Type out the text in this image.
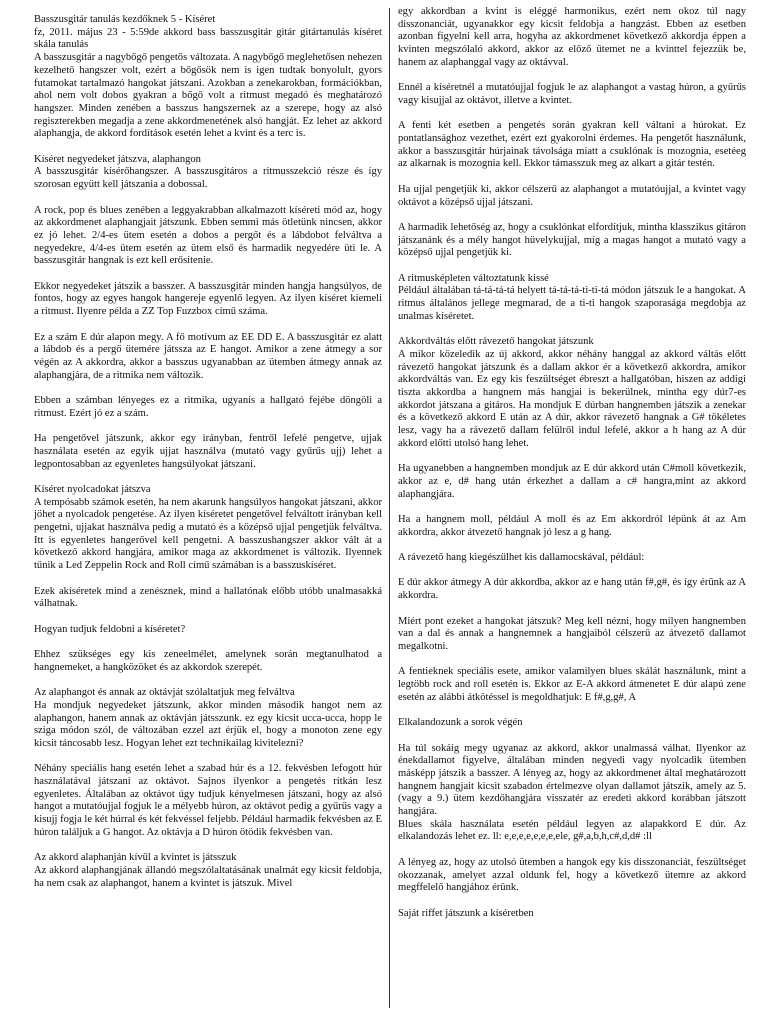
Basszusgitár tanulás kezdőknek 5 - Kíséret
fz, 2011. május 23 - 5:59de akkord bass basszusgitár gitár gitártanulás kíséret skála tanulás
A basszusgitár a nagybőgő pengetős változata. A nagybőgő meglehetősen nehezen kezelhető hangszer volt, ezért a bőgősök nem is igen tudtak bonyolult, gyors futamokat tartalmazó hangokat játszani. Azokban a zenekarokban, formációkban, ahol nem volt dobos gyakran a bőgő volt a ritmust megadó és meghatározó hangszer. Minden zenében a basszus hangszernek az a szerepe, hogy az alsó regiszterekben megadja a zene akkordmenetének alsó hangját. Ez lehet az akkord alaphangja, de akkord fordítások esetén lehet a kvint és a terc is.

Kíséret negyedeket játszva, alaphangon

A basszusgitár kísérőhangszer. A basszusgitáros a ritmusszekció része és így szorosan együtt kell játszania a dobossal.

A rock, pop és blues zenében a leggyakrabban alkalmazott kíséreti mód az, hogy az akkordmenet alaphangjait játszunk. Ebben semmi más ötletünk nincsen, akkor ez jó lehet. 2/4-es ütem esetén a dobos a pergőt és a lábdobot felváltva a negyedekre, 4/4-es ütem esetén az ütem első és harmadik negyedére üti le. A basszusgitár hangnak is ezt kell erősítenie.

Ekkor negyedeket játszik a basszer. A basszusgitár minden hangja hangsúlyos, de fontos, hogy az egyes hangok hangereje egyenlő legyen. Az ilyen kíséret kiemeli a ritmust. Ilyenre példa a ZZ Top Fuzzbox című száma.

Ez a szám E dúr alapon megy. A fő motívum az EE DD E. A basszusgitár ez alatt a lábdob és a pergő ütemére játssza az E hangot. Amikor a zene átmegy a sor végén az A akkordra, akkor a basszus ugyanabban az ütemben átmegy annak az alaphangjára, de a ritmika nem változik.

Ebben a számban lényeges ez a ritmika, ugyanis a hallgató fejébe döngöli a ritmust. Ezért jó ez a szám.

Ha pengetővel játszunk, akkor egy irányban, fentről lefelé pengetve, ujjak használata esetén az egyik ujjat használva (mutató vagy gyűrűs ujj) lehet a legpontosabban az egyenletes hangsúlyokat játszani.

Kíséret nyolcadokat játszva

A tempósabb számok esetén, ha nem akarunk hangsúlyos hangokat játszani, akkor jöhet a nyolcadok pengetése. Az ilyen kíséretet pengetővel felváltott irányban kell pengetni, ujjakat használva pedig a mutató és a középső ujjal pengetjük felváltva. Itt is egyenletes hangerővel kell pengetni. A basszushangszer akkor vált át a következő akkord hangjára, amikor maga az akkordmenet is változik. Ilyennek tűnik a Led Zeppelin Rock and Roll című számában is a basszuskíséret.

Ezek akíséretek mind a zenésznek, mind a hallatónak előbb utóbb unalmasakká válhatnak.

Hogyan tudjuk feldobni a kíséretet?

Ehhez szükséges egy kis zeneelmélet, amelynek során megtanulhatod a hangnemeket, a hangközöket és az akkordok szerepét.

Az alaphangot és annak az oktávját szólaltatjuk meg felváltva

Ha mondjuk negyedeket játszunk, akkor minden második hangot nem az alaphangon, hanem annak az oktávján játsszunk. ez egy kicsit ucca-ucca, hopp le sziga módon szól, de változában ezzel azt érjük el, hogy a monoton zene egy kicsit táncosabb lesz. Hogyan lehet ezt technikailag kivitelezni?

Néhány speciális hang esetén lehet a szabad húr és a 12. fekvésben lefogott húr használatával játszani az oktávot. Sajnos ilyenkor a pengetés ritkán lesz egyenletes. Általában az oktávot úgy tudjuk kényelmesen játszani, hogy az alsó hangot a mutatóujjal fogjuk le a mélyebb húron, az oktávot pedig a gyűrűs vagy a kisujj fogja le két húrral és két fekvéssel feljebb. Például harmadik fekvésben az E húron találjuk a G hangot. Az oktávja a D húron ötödik fekvésben van.

Az akkord alaphanján kívül a kvintet is játsszuk

Az akkord alaphangjának állandó megszólaltatásának unalmát egy kicsit feldobja, ha nem csak az alaphangot, hanem a kvintet is játszuk. Mivel

egy akkordban a kvint is eléggé harmonikus, ezért nem okoz túl nagy disszonanciát, ugyanakkor egy kicsit feldobja a hangzást. Ebben az esetben azonban figyelni kell arra, hogyha az akkordmenet következő akkordja éppen a kvinten megszólaló akkord, akkor az előző ütemet ne a kvinttel fejezzük be, hanem az alaphanggal vagy az oktávval.

Ennél a kíséretnél a mutatóujjal fogjuk le az alaphangot a vastag húron, a gyűrűs vagy kisujjal az oktávot, illetve a kvintet.

A fenti két esetben a pengetés során gyakran kell váltani a húrokat. Ez pontatlansághoz vezethet, ezért ezt gyakorolni érdemes. Ha pengetőt használunk, akkor a basszusgitár húrjainak távolsága miatt a csuklónak is mozognia, esetéeg az alkarnak is mozognia kell. Ekkor támasszuk meg az alkart a gitár testén.

Ha ujjal pengetjük ki, akkor célszerű az alaphangot a mutatóujjal, a kvintet vagy oktávot a középső ujjal játszani.

A harmadik lehetőség az, hogy a csuklónkat elfordítjuk, mintha klasszikus gitáron játszanánk és a mély hangot hüvelykujjal, míg a magas hangot a mutató vagy a középső ujjal pengetjük ki.

A ritmusképleten változtatunk kissé

Például általában tá-tá-tá-tá helyett tá-tá-tá-ti-ti-tá módon játszuk le a hangokat. A ritmus általános jellege megmarad, de a ti-ti hangok szaporasága megdobja az unalmas kíséretet.

Akkordváltás előtt rávezető hangokat játszunk

A mikor közeledik az új akkord, akkor néhány hanggal az akkord váltás előtt rávezető hangokat játszunk és a dallam akkor ér a következő akkordra, amikor akkordváltás van. Ez egy kis feszültséget ébreszt a hallgatóban, hiszen az addigi tiszta akkordba a hangnem más hangjai is bekerülnek, mintha egy dúr7-es akkordot játszana a gitáros. Ha mondjuk E dúrban hangnemben játszik a zenekar és a következő akkord E után az A dúr, akkor rávezető hangnak a G# tökéletes lesz, vagy ha a rávezető dallam felülről indul lefelé, akkor a h hang az A dúr akkord előtti utolsó hang lehet.

Ha ugyanebben a hangnemben mondjuk az E dúr akkord után C#moll következik, akkor az e, d# hang után érkezhet a dallam a c# hangra,mint az akkord alaphangjára.

Ha a hangnem moll, például A moll és az Em akkordról lépünk át az Am akkordra, akkor átvezető hangnak jó lesz a g hang.

A rávezető hang kiegészülhet kis dallamocskával, például:

E dúr akkor átmegy A dúr akkordba, akkor az e hang után f#,g#, és így érünk az A akkordra.

Miért pont ezeket a hangokat játszuk? Meg kell nézni, hogy milyen hangnemben van a dal és annak a hangnemnek a hangjaiból célszerű az átvezető dallamot megalkotni.

A fentieknek speciális esete, amikor valamilyen blues skálát használunk, mint a legtöbb rock and roll esetén is. Ekkor az E-A akkord átmenetet E dúr alapú zene esetén az alábbi átkötéssel is megoldhatjuk: E f#,g,g#, A

Elkalandozunk a sorok végén

Ha túl sokáig megy ugyanaz az akkord, akkor unalmassá válhat. Ilyenkor az énekdallamot figyelve, általában minden negyedi vagy nyolcadik ütemben másképp játszik a basszer. A lényeg az, hogy az akkordmenet által meghatározott hangnem hangjait kicsit szabadon értelmezve olyan dallamot játszik, amely az 5. (vagy a 9.) ütem kezdőhangjára visszatér az eredeti akkord korábban játszott hangjára.

Blues skála használata esetén például legyen az alapakkord E dúr. Az elkalandozás lehet ez. ll: e,e,e,e,e,e,e,ele, g#,a,b,h,c#,d,d# :ll

A lényeg az, hogy az utolsó ütemben a hangok egy kis disszonanciát, feszültséget okozzanak, amelyet azzal oldunk fel, hogy a következő ütemre az akkord megffelelő hangjához érünk.

Saját riffet játszunk a kíséretben
